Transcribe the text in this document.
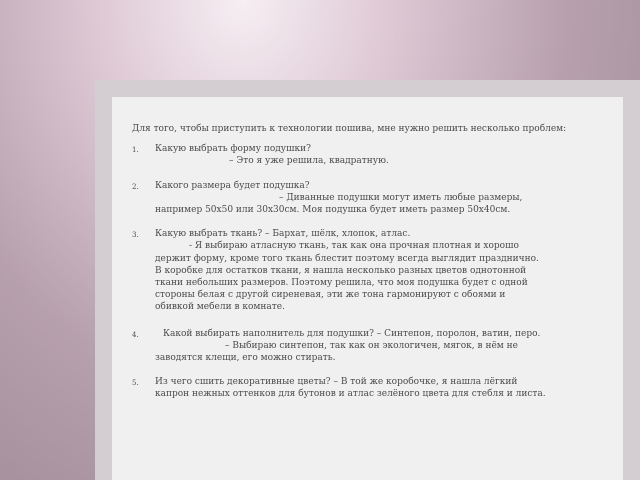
Для того, чтобы приступить к технологии пошива, мне нужно решить несколько проблем:

1. Какую выбрать форму подушки?
– Это я уже решила, квадратную.
2. Какого размера будет подушка?
– Диванные подушки могут иметь любые размеры,
например 50х50 или 30х30см. Моя подушка будет иметь размер 50х40см.
3. Какую выбрать ткань? – Бархат, шёлк, хлопок, атлас.
- Я выбираю атласную ткань, так как она прочная плотная и хорошо
держит форму, кроме того ткань блестит поэтому всегда выглядит празднично.
В коробке для остатков ткани, я нашла несколько разных цветов однотонной
ткани небольших размеров. Поэтому решила, что моя подушка будет с одной
стороны белая с другой сиреневая, эти же тона гармонируют с обоями и
обивкой мебели в комнате.
4.	Какой выбирать наполнитель для подушки? – Синтепон, поролон, ватин, перо.
– Выбираю синтепон, так как он экологичен, мягок, в нём не
заводятся клещи, его можно стирать.
5. Из чего сшить декоративные цветы? – В той же коробочке, я нашла лёгкий
капрон нежных оттенков для бутонов и атлас зелёного цвета для стебля и листа.
